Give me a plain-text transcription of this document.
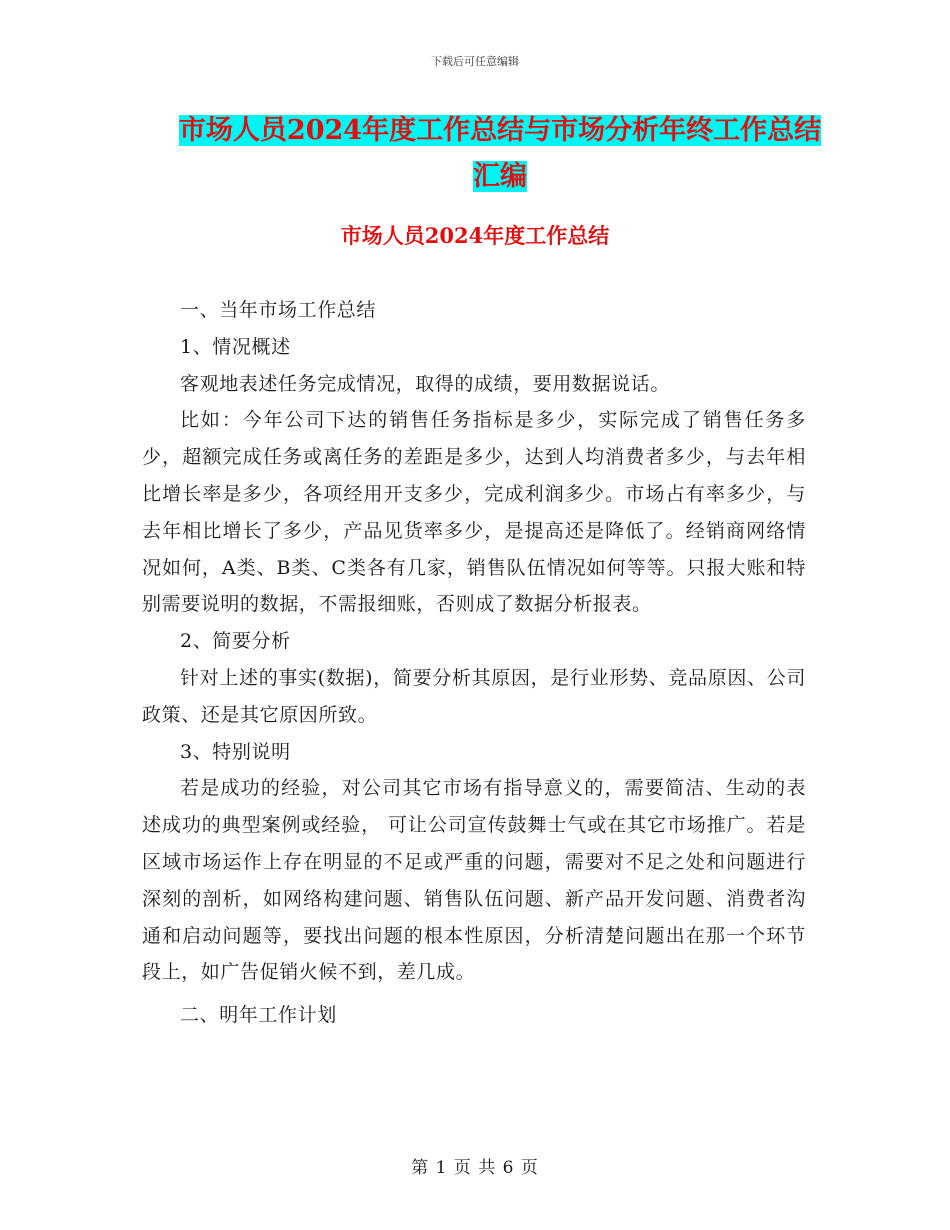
下载后可任意编辑
市场人员2024年度工作总结与市场分析年终工作总结
汇编
市场人员2024年度工作总结

一、当年市场工作总结

1、情况概述

客观地表述任务完成情况，取得的成绩，要用数据说话。

比如：今年公司下达的销售任务指标是多少，实际完成了销售任务多少，超额完成任务或离任务的差距是多少，达到人均消费者多少，与去年相比增长率是多少，各项经用开支多少，完成利润多少。市场占有率多少，与去年相比增长了多少，产品见货率多少，是提高还是降低了。经销商网络情况如何，A类、B类、C类各有几家，销售队伍情况如何等等。只报大账和特别需要说明的数据，不需报细账，否则成了数据分析报表。

2、简要分析

针对上述的事实(数据)，简要分析其原因，是行业形势、竞品原因、公司政策、还是其它原因所致。

3、特别说明

若是成功的经验，对公司其它市场有指导意义的，需要简洁、生动的表述成功的典型案例或经验， 可让公司宣传鼓舞士气或在其它市场推广。若是区域市场运作上存在明显的不足或严重的问题，需要对不足之处和问题进行深刻的剖析，如网络构建问题、销售队伍问题、新产品开发问题、消费者沟通和启动问题等，要找出问题的根本性原因，分析清楚问题出在那一个环节段上，如广告促销火候不到，差几成。

二、明年工作计划

第 1 页 共 6 页
